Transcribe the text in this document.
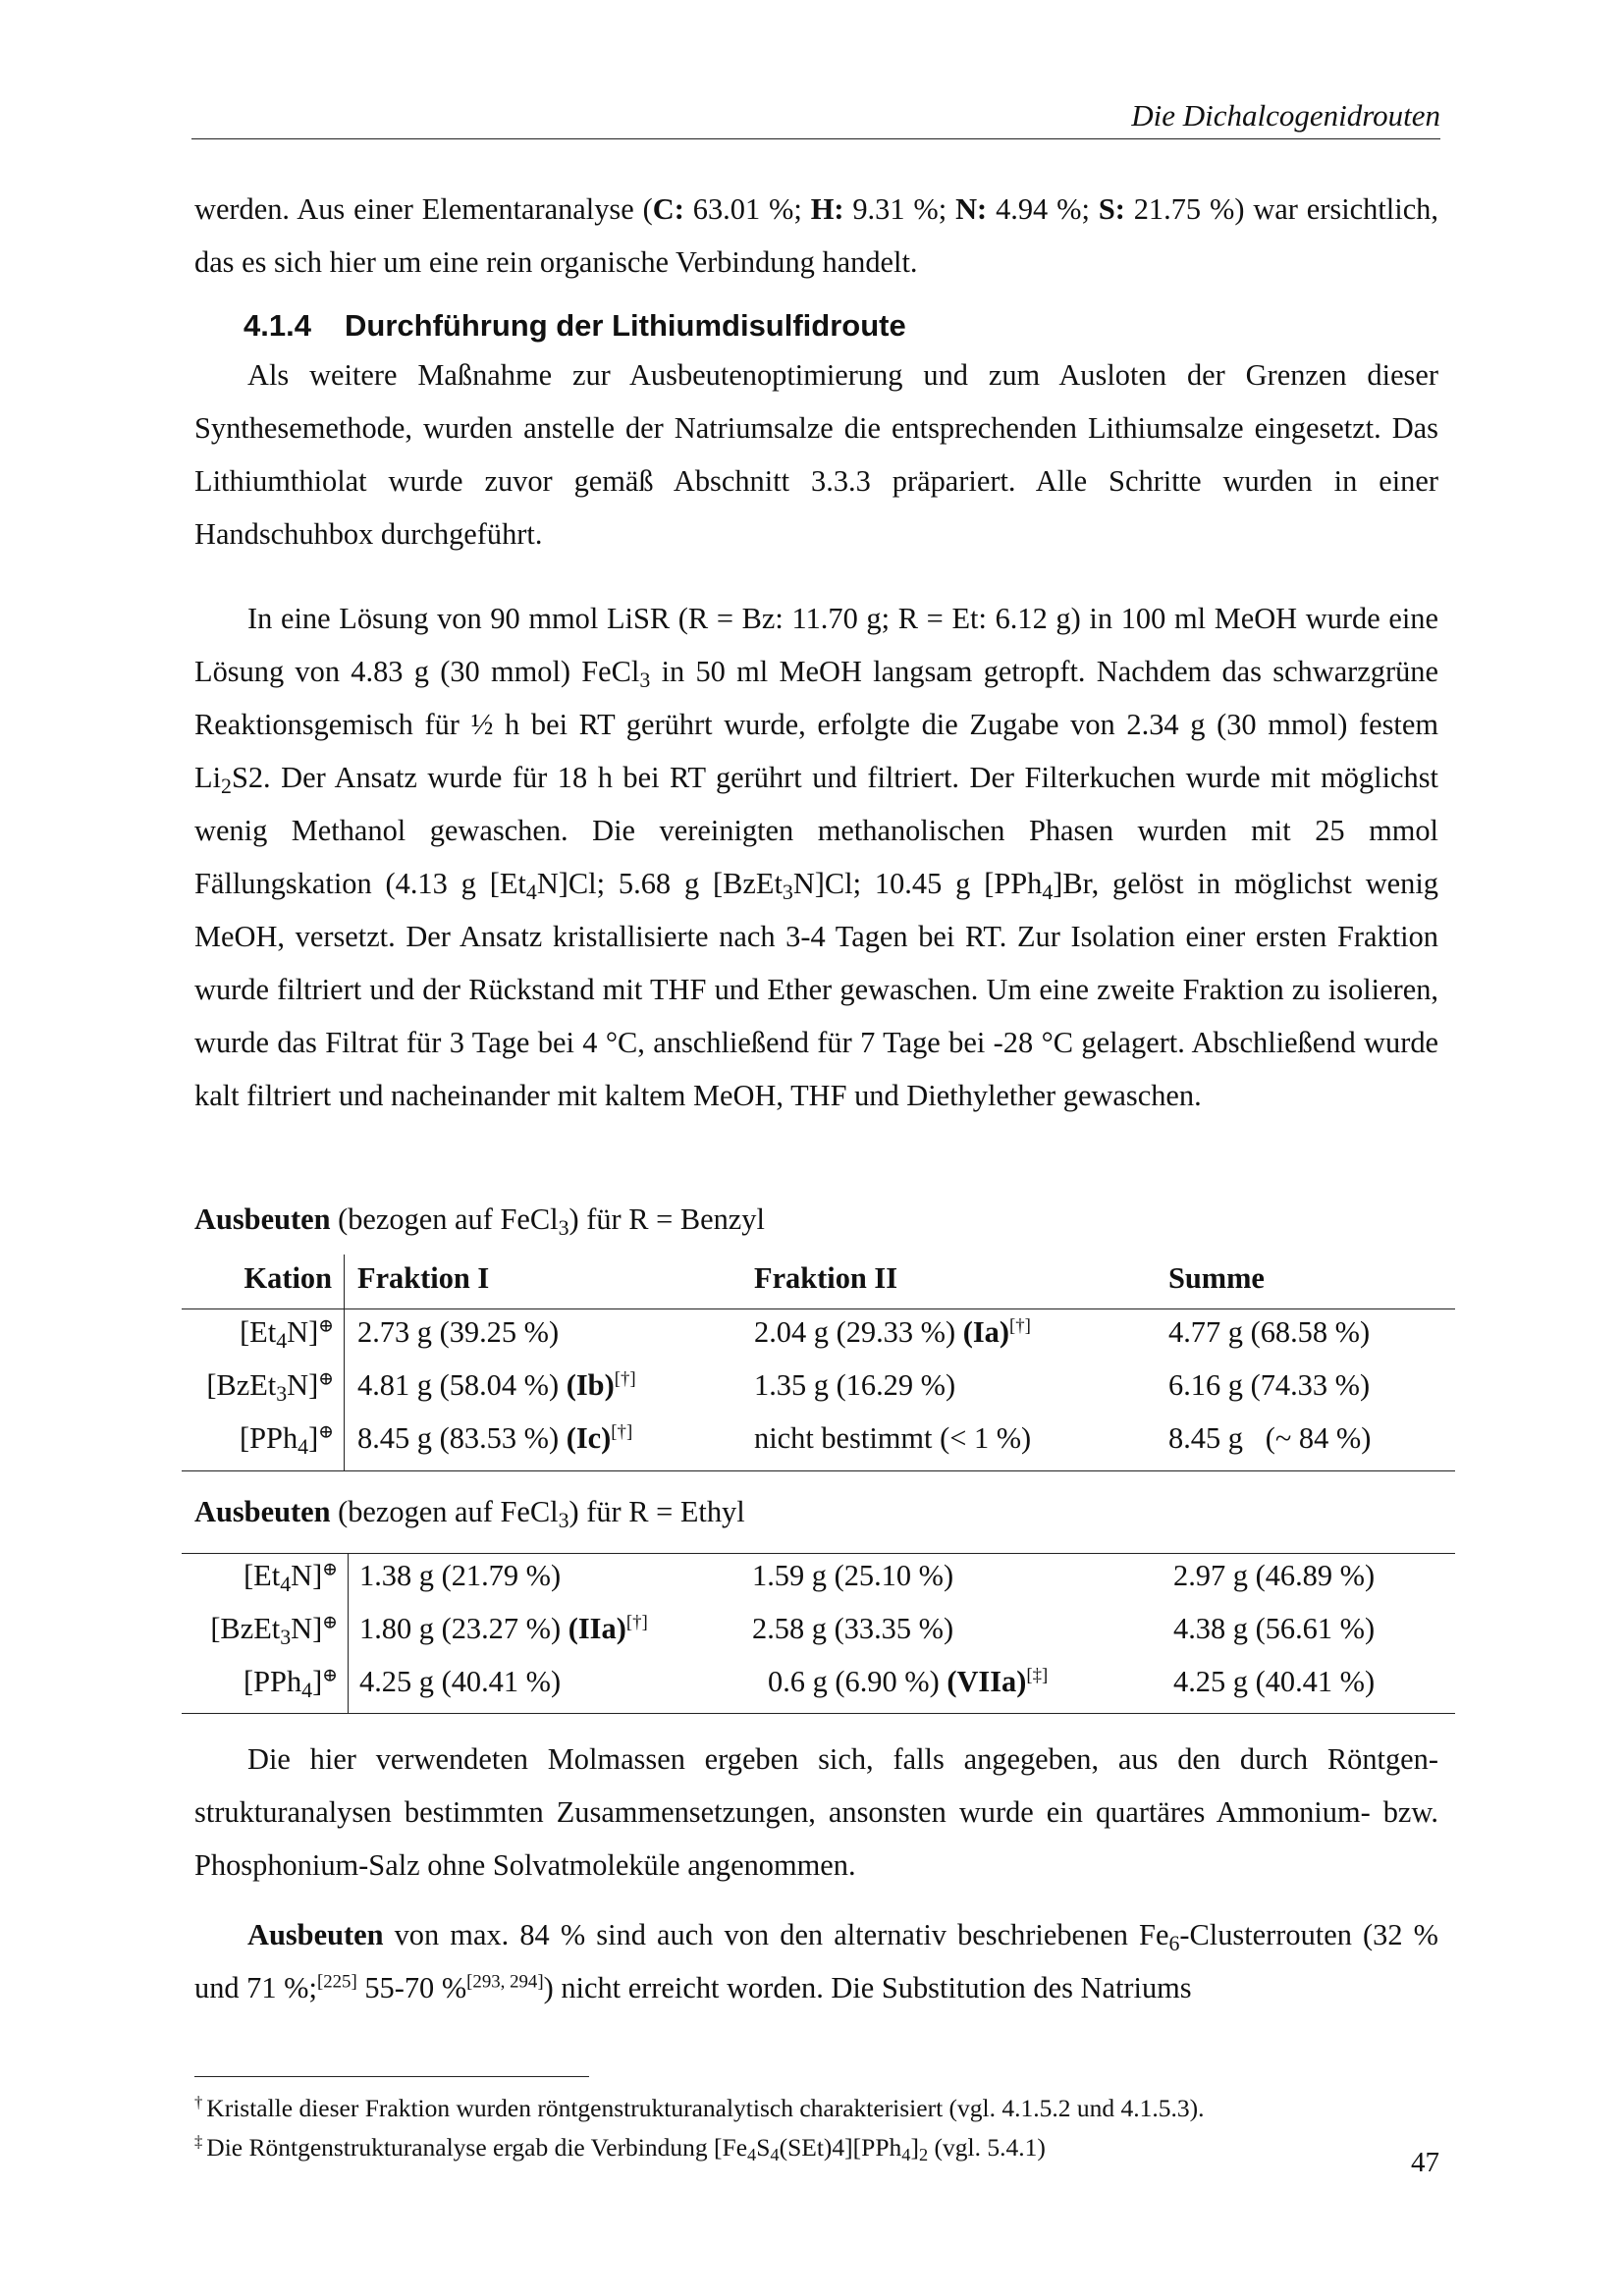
Die Dichalcogenidrouten
werden. Aus einer Elementaranalyse (C: 63.01 %; H: 9.31 %; N: 4.94 %; S: 21.75 %) war ersichtlich, das es sich hier um eine rein organische Verbindung handelt.
4.1.4 Durchführung der Lithiumdisulfidroute
Als weitere Maßnahme zur Ausbeutenoptimierung und zum Ausloten der Grenzen dieser Synthesemethode, wurden anstelle der Natriumsalze die entsprechenden Lithiumsalze eingesetzt. Das Lithiumthiolat wurde zuvor gemäß Abschnitt 3.3.3 präpariert. Alle Schritte wurden in einer Handschuhbox durchgeführt.
In eine Lösung von 90 mmol LiSR (R = Bz: 11.70 g; R = Et: 6.12 g) in 100 ml MeOH wurde eine Lösung von 4.83 g (30 mmol) FeCl$_3$ in 50 ml MeOH langsam getropft. Nachdem das schwarzgrüne Reaktionsgemisch für ½ h bei RT gerührt wurde, erfolgte die Zugabe von 2.34 g (30 mmol) festem $Li_2S2$. Der Ansatz wurde für 18 h bei RT gerührt und filtriert. Der Filterkuchen wurde mit möglichst wenig Methanol gewaschen. Die vereinigten methanolischen Phasen wurden mit 25 mmol Fällungskation (4.13 g $[Et_4N]Cl$; 5.68 g [BzEt$_3$N]Cl; 10.45 g [PPh$_4$]Br, gelöst in möglichst wenig MeOH, versetzt. Der Ansatz kristallisierte nach 3-4 Tagen bei RT. Zur Isolation einer ersten Fraktion wurde filtriert und der Rückstand mit THF und Ether gewaschen. Um eine zweite Fraktion zu isolieren, wurde das Filtrat für 3 Tage bei 4 °C, anschließend für 7 Tage bei -28 °C gelagert. Abschließend wurde kalt filtriert und nacheinander mit kaltem MeOH, THF und Diethylether gewaschen.
Ausbeuten (bezogen auf FeCl$_3$) für R = Benzyl
Kation Fraktion I	Fraktion II	Summe
$[Et_4N]^\oplus$ 2.73 g (39.25 %)	2.04 g (29.33 %) (Ia)[†]	4.77 g (68.58 %)
[BzEt$_3$N]⊕ 4.81 g (58.04 %) (Ib)[†]	1.35 g (16.29 %)	6.16 g (74.33 %)
[PPh$_4$]⊕ 8.45 g (83.53 %) (Ic)[†]	nicht bestimmt (< 1 %)	8.45 g   (~ 84 %)
Ausbeuten (bezogen auf FeCl$_3$) für R = Ethyl
$[Et_4N]^\oplus$ 1.38 g (21.79 %)	1.59 g (25.10 %)	2.97 g (46.89 %)
[BzEt$_3$N]⊕ 1.80 g (23.27 %) (IIa)[†]	2.58 g (33.35 %)	4.38 g (56.61 %)
[PPh$_4$]⊕ 4.25 g (40.41 %)	0.6 g (6.90 %) (VIIa)[‡]	4.25 g (40.41 %)
Die hier verwendeten Molmassen ergeben sich, falls angegeben, aus den durch Röntgenstrukturanalysen bestimmten Zusammensetzungen, ansonsten wurde ein quartäres Ammonium- bzw. Phosphonium-Salz ohne Solvatmoleküle angenommen.
Ausbeuten von max. 84 % sind auch von den alternativ beschriebenen $Fe_6$-Clusterrouten (32 % und 71 %;[225] 55-70 %[293, 294]) nicht erreicht worden. Die Substitution des Natriums
† Kristalle dieser Fraktion wurden röntgenstrukturanalytisch charakterisiert (vgl. 4.1.5.2 und 4.1.5.3).
‡ Die Röntgenstrukturanalyse ergab die Verbindung $[Fe_4S_4(SEt)4][PPh_4]_2$ (vgl. 5.4.1)	47
